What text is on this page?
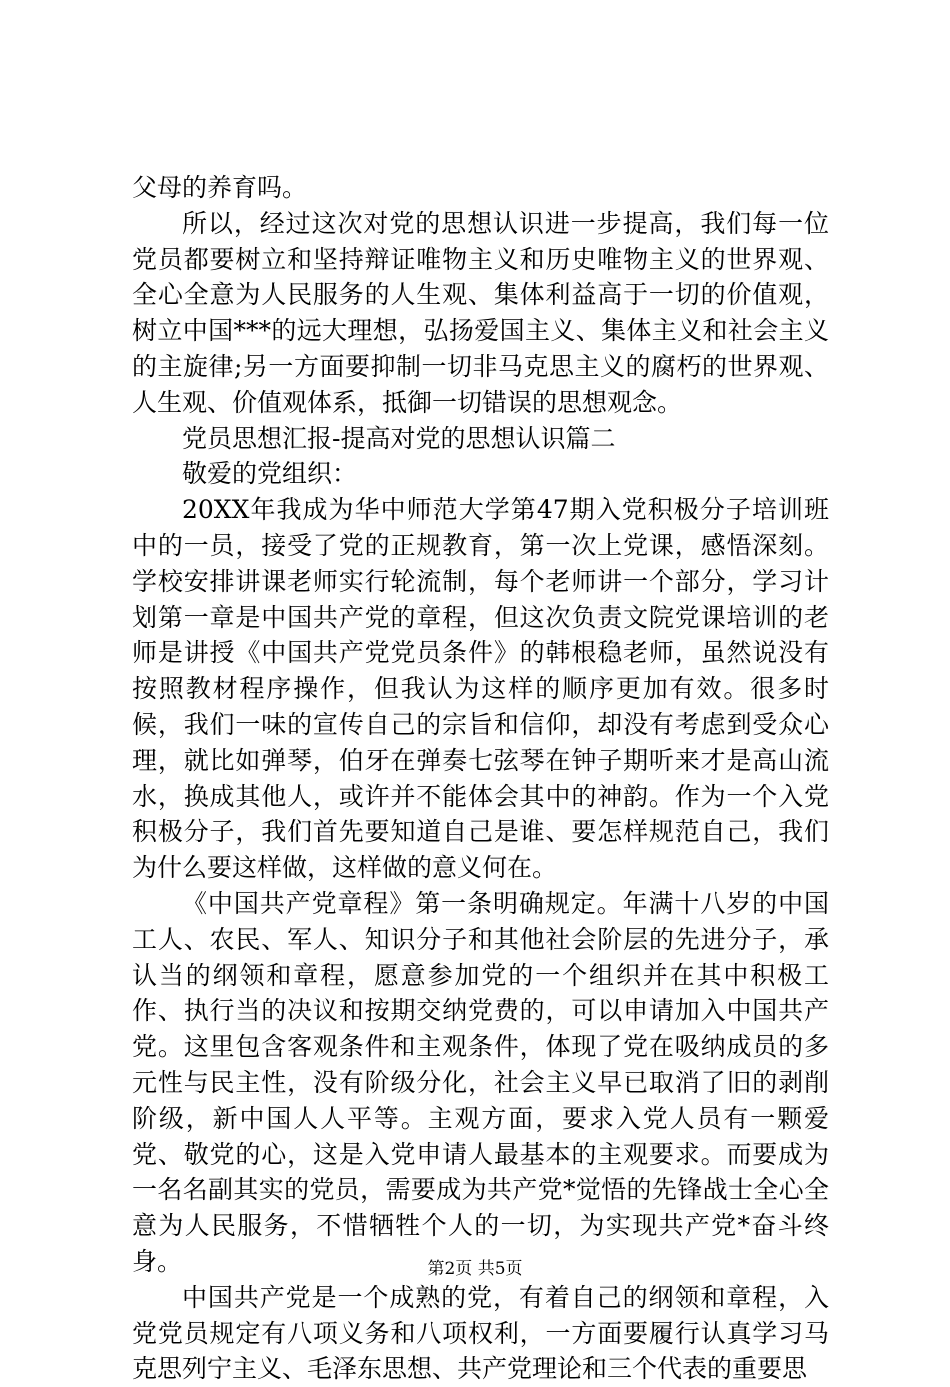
父母的养育吗。

所以，经过这次对党的思想认识进一步提高，我们每一位党员都要树立和坚持辩证唯物主义和历史唯物主义的世界观、全心全意为人民服务的人生观、集体利益高于一切的价值观，树立中国***的远大理想，弘扬爱国主义、集体主义和社会主义的主旋律;另一方面要抑制一切非马克思主义的腐朽的世界观、人生观、价值观体系，抵御一切错误的思想观念。

党员思想汇报-提高对党的思想认识篇二

敬爱的党组织：

20XX年我成为华中师范大学第47期入党积极分子培训班中的一员，接受了党的正规教育，第一次上党课，感悟深刻。学校安排讲课老师实行轮流制，每个老师讲一个部分，学习计划第一章是中国共产党的章程，但这次负责文院党课培训的老师是讲授《中国共产党党员条件》的韩根稳老师，虽然说没有按照教材程序操作，但我认为这样的顺序更加有效。很多时候，我们一味的宣传自己的宗旨和信仰，却没有考虑到受众心理，就比如弹琴，伯牙在弹奏七弦琴在钟子期听来才是高山流水，换成其他人，或许并不能体会其中的神韵。作为一个入党积极分子，我们首先要知道自己是谁、要怎样规范自己，我们为什么要这样做，这样做的意义何在。

《中国共产党章程》第一条明确规定。年满十八岁的中国工人、农民、军人、知识分子和其他社会阶层的先进分子，承认当的纲领和章程，愿意参加党的一个组织并在其中积极工作、执行当的决议和按期交纳党费的，可以申请加入中国共产党。这里包含客观条件和主观条件，体现了党在吸纳成员的多元性与民主性，没有阶级分化，社会主义早已取消了旧的剥削阶级，新中国人人平等。主观方面，要求入党人员有一颗爱党、敬党的心，这是入党申请人最基本的主观要求。而要成为一名名副其实的党员，需要成为共产党*觉悟的先锋战士全心全意为人民服务，不惜牺牲个人的一切，为实现共产党*奋斗终身。

中国共产党是一个成熟的党，有着自己的纲领和章程，入党党员规定有八项义务和八项权利，一方面要履行认真学习马克思列宁主义、毛泽东思想、共产党理论和三个代表的重要思

第2页 共5页
